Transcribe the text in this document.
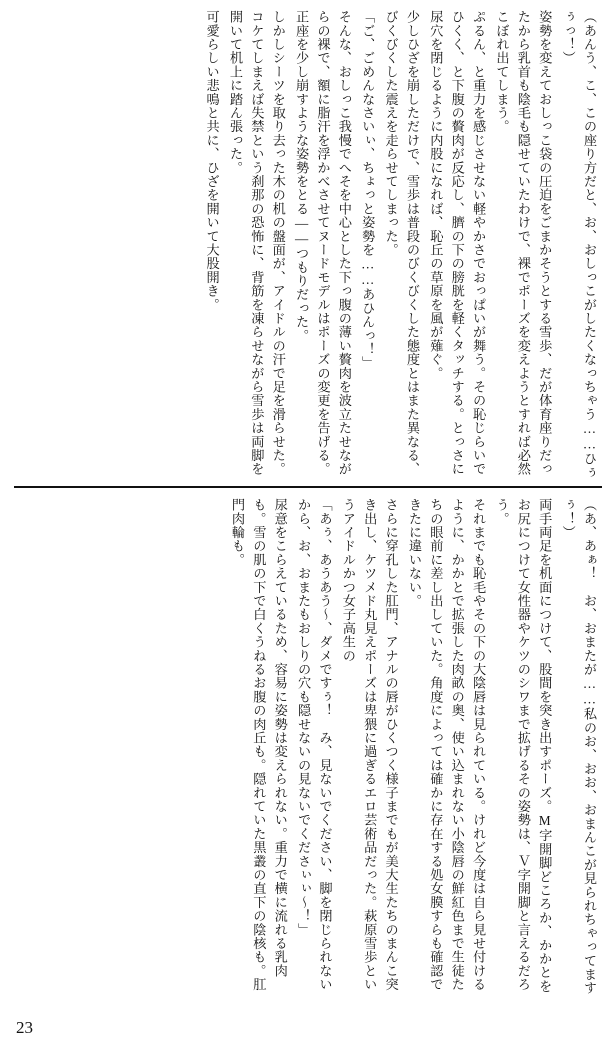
（あんう、こ、この座り方だと、お、おしっこがしたくなっちゃう……ひぅぅっ！）
姿勢を変えておしっこ袋の圧迫をごまかそうとする雪歩、だが体育座りだったから乳首も陰毛も隠せていたわけで、裸でポーズを変えようとすれば必然こぼれ出てしまう。
ぷるん、と重力を感じさせない軽やかさでおっぱいが舞う。その恥じらいでひくく、と下腹の贅肉が反応し、臍の下の膀胱を軽くタッチする。とっさに尿穴を閉じるように内股になれば、恥丘の草原を風が薙ぐ。
少しひざを崩しただけで、雪歩は普段のびくびくした態度とはまた異なる、びくびくした震えを走らせてしまった。
「ご、ごめんなさいぃ、ちょっと姿勢を……あひんっ！」
そんな、おしっこ我慢でへそを中心とした下っ腹の薄い贅肉を波立たせながらの裸で、額に脂汗を浮かべさせてヌードモデルはポーズの変更を告げる。正座を少し崩すような姿勢をとる――つもりだった。
しかしシーツを取り去った木の机の盤面が、アイドルの汗で足を滑らせた。コケてしまえば失禁という刹那の恐怖に、背筋を凍らせながら雪歩は両脚を開いて机上に踏ん張った。
可愛らしい悲鳴と共に、ひざを開いて大股開き。
（あ、あぁ！　お、おまたが……私のお、おお、おまんこが見られちゃってますぅ！）
両手両足を机面につけて、股間を突き出すポーズ。M字開脚どころか、かかとをお尻につけて女性器やケツのシワまで拡げるその姿勢は、Ｖ字開脚と言えるだろう。
それまでも恥毛やその下の大陰唇は見られている。けれど今度は自ら見せ付けるように、かかとで拡張した肉畝の奥、使い込まれない小陰唇の鮮紅色まで生徒たちの眼前に差し出していた。角度によっては確かに存在する処女膜すらも確認できたに違いない。
さらに穿孔した肛門、アナルの唇がひくつく様子までもが美大生たちのまんこ突き出し、ケツメド丸見えポーズは卑猥に過ぎるエロ芸術品だった。萩原雪歩というアイドルかつ女子高生の
「あぅ、あうあう〜、ダメですぅ！　み、見ないでください、脚を閉じられないから、お、おまたもおしりの穴も隠せないの見ないでくださぃぃ〜！」
尿意をこらえているため、容易に姿勢は変えられない。重力で横に流れる乳肉も。雪の肌の下で白くうねるお腹の肉丘も。隠れていた黒叢の直下の陰核も。肛門肉輪も。
23
